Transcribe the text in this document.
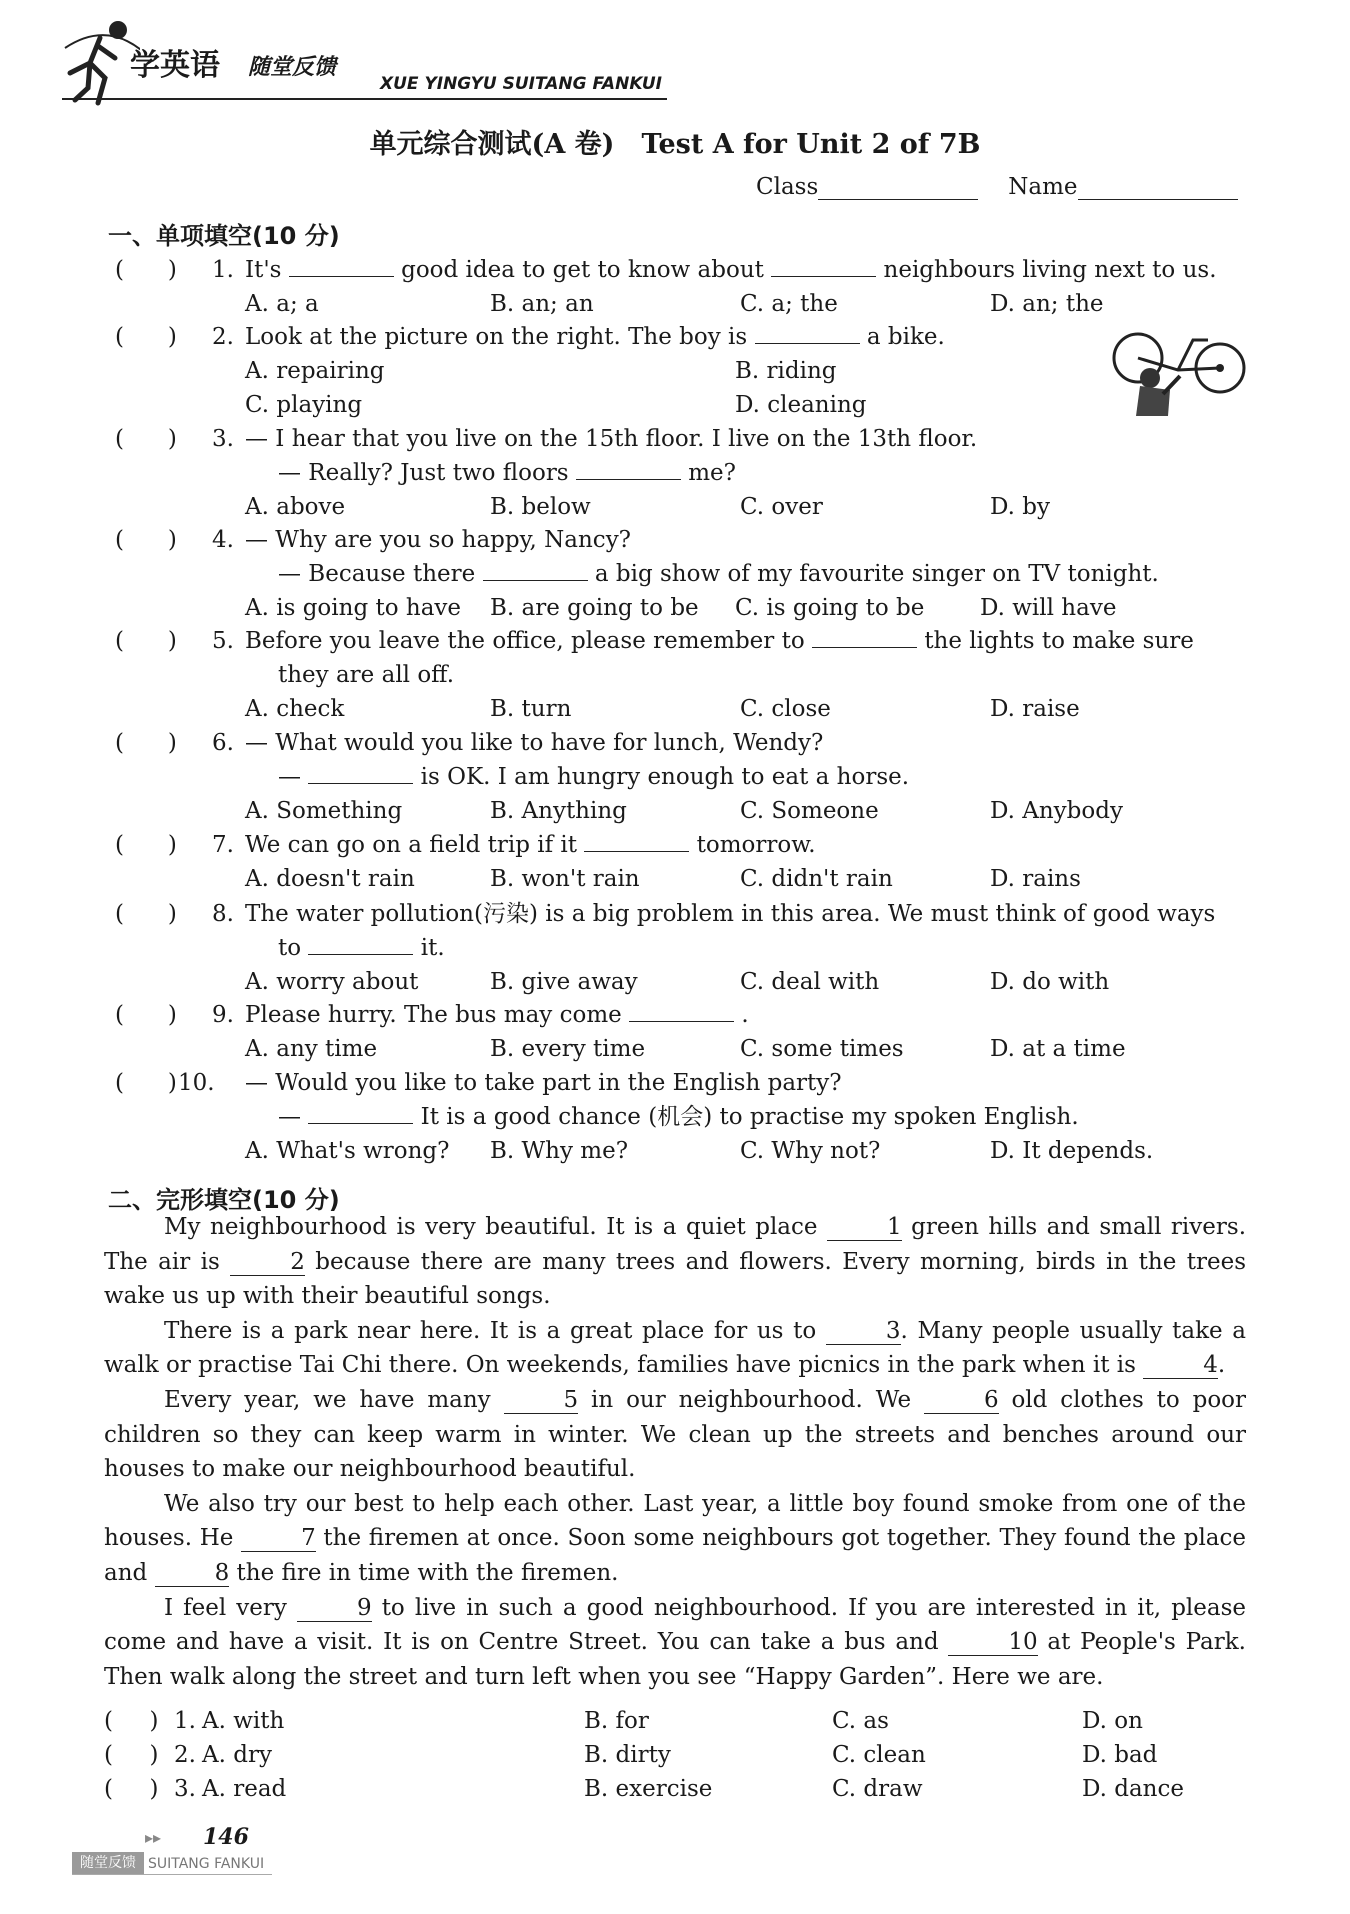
学英语 随堂反馈
XUE YINGYU SUITANG FANKUI
单元综合测试(A 卷)　Test A for Unit 2 of 7B
Class	Name
一、单项填空(10 分)
(      )	1. It's	good idea to get to know about	neighbours living next to us.
A. a; a	B. an; an	C. a; the	D. an; the
(      )	2. Look at the picture on the right. The boy is	a bike.
A. repairing	B. riding
C. playing	D. cleaning
(      )	3. — I hear that you live on the 15th floor. I live on the 13th floor.
— Really? Just two floors	me?
A. above	B. below	C. over	D. by
(      )	4. — Why are you so happy, Nancy?
— Because there	a big show of my favourite singer on TV tonight.
A. is going to have	B. are going to be	C. is going to be	D. will have
(      )	5. Before you leave the office, please remember to	the lights to make sure
they are all off.
A. check	B. turn	C. close	D. raise
(      )	6. — What would you like to have for lunch, Wendy?
—	is OK. I am hungry enough to eat a horse.
A. Something	B. Anything	C. Someone	D. Anybody
(      )	7. We can go on a field trip if it	tomorrow.
A. doesn't rain	B. won't rain	C. didn't rain	D. rains
(      )	8. The water pollution(污染) is a big problem in this area. We must think of good ways
to	it.
A. worry about	B. give away	C. deal with	D. do with
(      )	9. Please hurry. The bus may come	.
A. any time	B. every time	C. some times	D. at a time
(      ) 10.	— Would you like to take part in the English party?
—	It is a good chance (机会) to practise my spoken English.
A. What's wrong?	B. Why me?	C. Why not?	D. It depends.
二、完形填空(10 分)

My neighbourhood is very beautiful. It is a quiet place	1 green hills and small rivers. The air is	2 because there are many trees and flowers. Every morning, birds in the trees wake us up with their beautiful songs.

There is a park near here. It is a great place for us to	3. Many people usually take a walk or practise Tai Chi there. On weekends, families have picnics in the park when it is	4.

Every year, we have many	5 in our neighbourhood. We	6 old clothes to poor children so they can keep warm in winter. We clean up the streets and benches around our houses to make our neighbourhood beautiful.

We also try our best to help each other. Last year, a little boy found smoke from one of the houses. He	7 the firemen at once. Soon some neighbours got together. They found the place and	8 the fire in time with the firemen.

I feel very	9 to live in such a good neighbourhood. If you are interested in it, please come and have a visit. It is on Centre Street. You can take a bus and	10 at People's Park. Then walk along the street and turn left when you see “Happy Garden”. Here we are.

(     ) 1. A. with	B. for	C. as	D. on
(     ) 2. A. dry	B. dirty	C. clean	D. bad
(     ) 3. A. read	B. exercise	C. draw	D. dance
▸▸ 146
随堂反馈 SUITANG FANKUI
